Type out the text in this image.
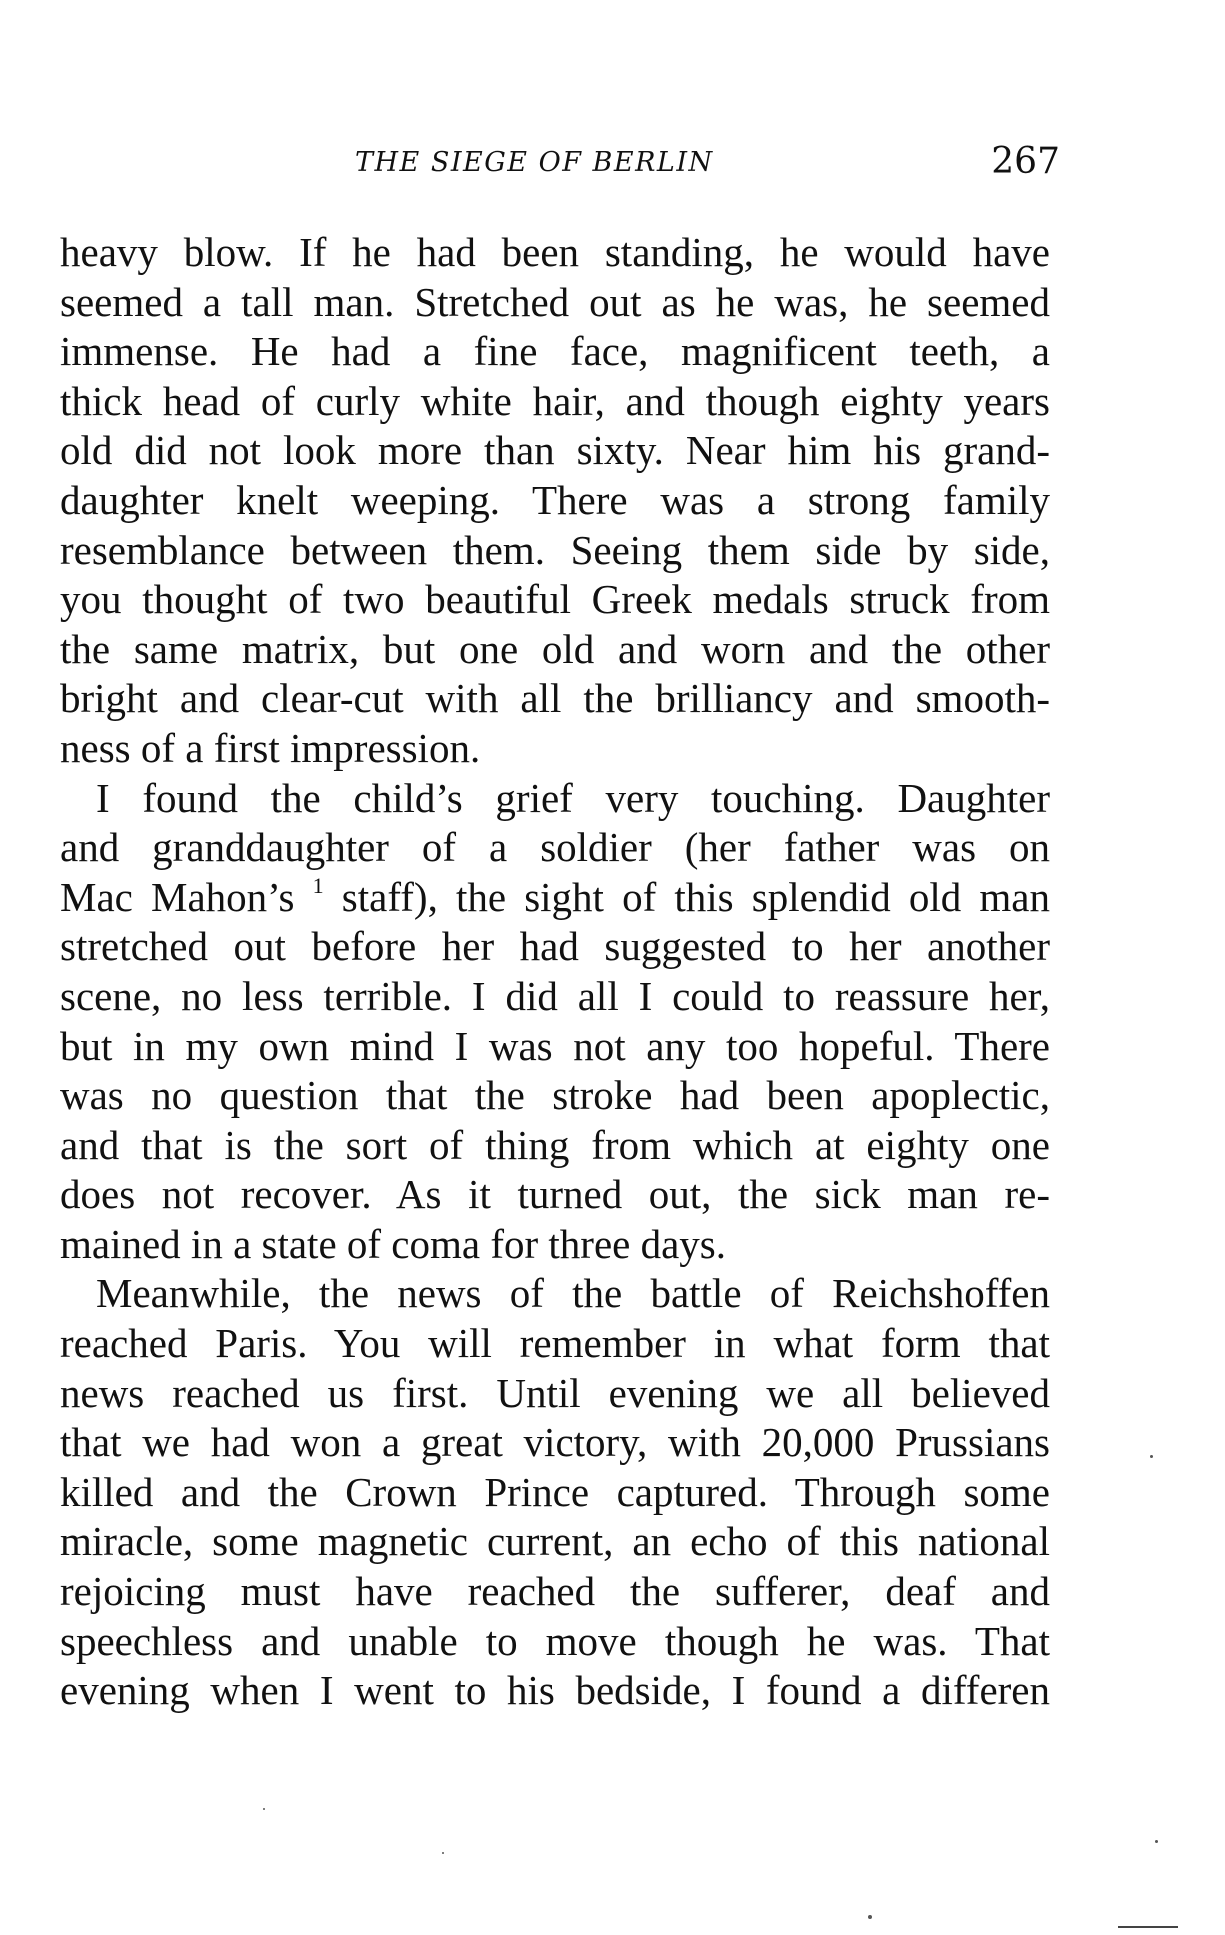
THE SIEGE OF BERLIN	267
heavy blow. If he had been standing, he would have
seemed a tall man. Stretched out as he was, he seemed
immense. He had a fine face, magnificent teeth, a
thick head of curly white hair, and though eighty years
old did not look more than sixty. Near him his grand-
daughter knelt weeping. There was a strong family
resemblance between them. Seeing them side by side,
you thought of two beautiful Greek medals struck from
the same matrix, but one old and worn and the other
bright and clear-cut with all the brilliancy and smooth-
ness of a first impression.
I found the child’s grief very touching. Daughter
and granddaughter of a soldier (her father was on
Mac Mahon’s $^1$ staff), the sight of this splendid old man
stretched out before her had suggested to her another
scene, no less terrible. I did all I could to reassure her,
but in my own mind I was not any too hopeful. There
was no question that the stroke had been apoplectic,
and that is the sort of thing from which at eighty one
does not recover. As it turned out, the sick man re-
mained in a state of coma for three days.
Meanwhile, the news of the battle of Reichshoffen
reached Paris. You will remember in what form that
news reached us first. Until evening we all believed
that we had won a great victory, with 20,000 Prussians
killed and the Crown Prince captured. Through some
miracle, some magnetic current, an echo of this national
rejoicing must have reached the sufferer, deaf and
speechless and unable to move though he was. That
evening when I went to his bedside, I found a differen
